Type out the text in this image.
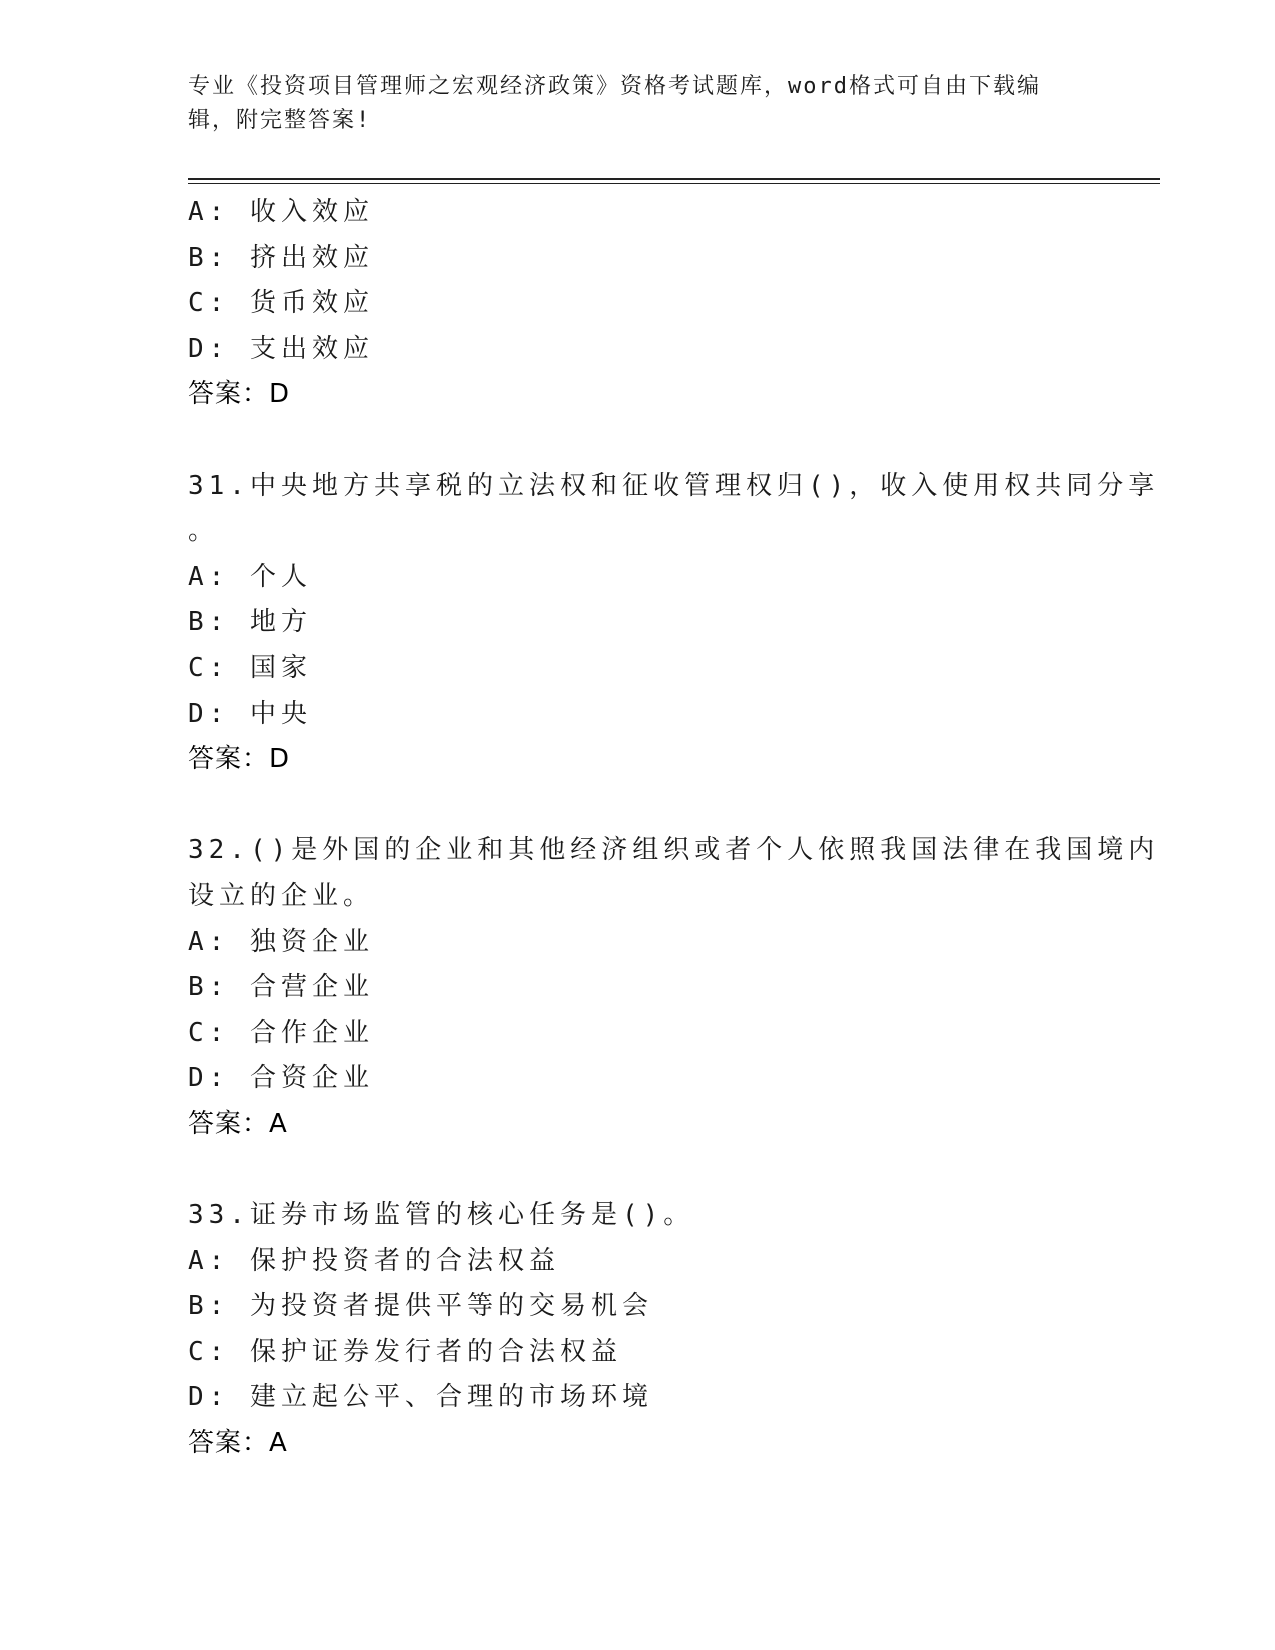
专业《投资项目管理师之宏观经济政策》资格考试题库，word格式可自由下载编
辑，附完整答案!
A: 收入效应
B: 挤出效应
C: 货币效应
D: 支出效应
答案：D
31.中央地方共享税的立法权和征收管理权归()，收入使用权共同分享
。
A: 个人
B: 地方
C: 国家
D: 中央
答案：D
32.()是外国的企业和其他经济组织或者个人依照我国法律在我国境内
设立的企业。
A: 独资企业
B: 合营企业
C: 合作企业
D: 合资企业
答案：A
33.证券市场监管的核心任务是()。
A: 保护投资者的合法权益
B: 为投资者提供平等的交易机会
C: 保护证券发行者的合法权益
D: 建立起公平、合理的市场环境
答案：A
